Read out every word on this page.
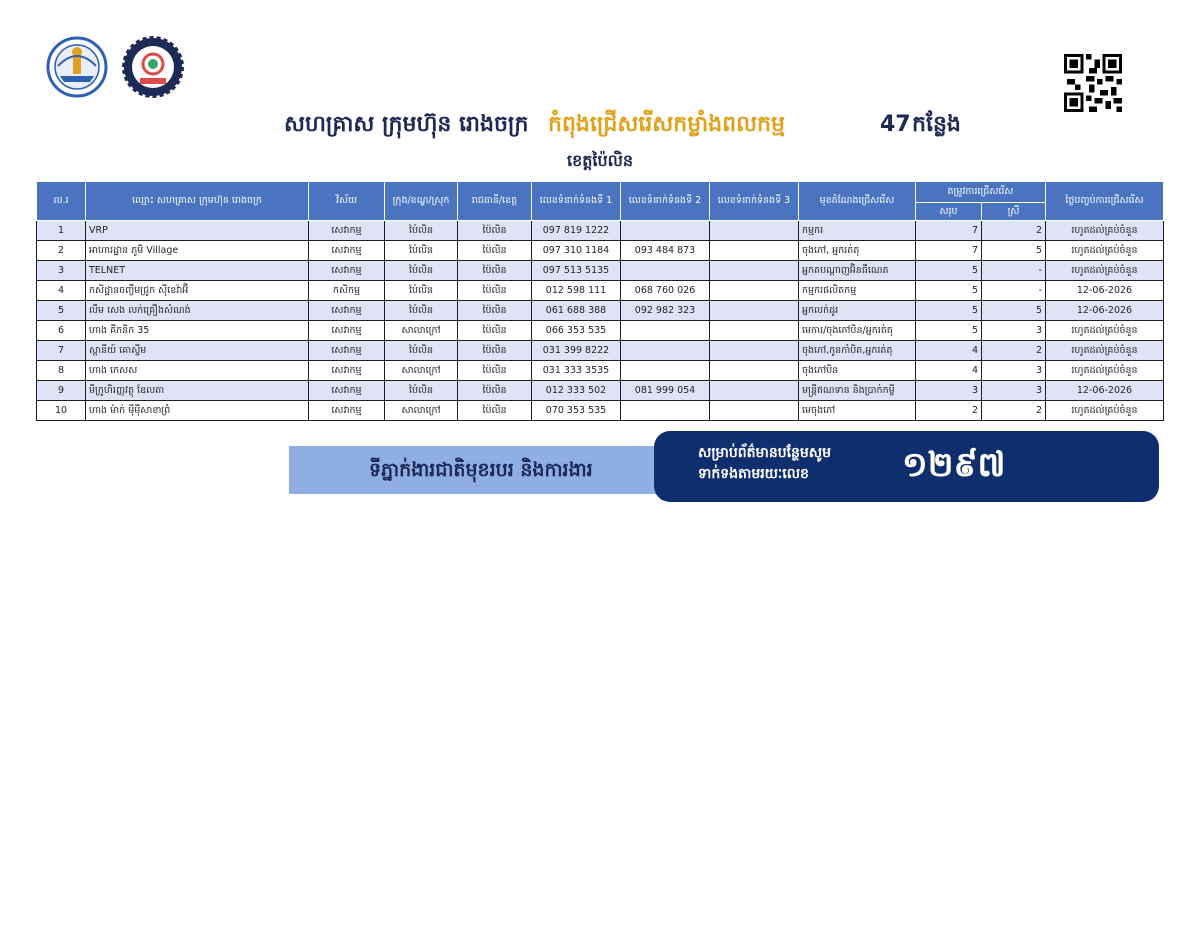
សហគ្រាស ក្រុមហ៊ុន រោងចក្រ កំពុងជ្រើសរើសកម្លាំងពលកម្ម	47 កន្លែង
ខេត្តប៉ៃលិន
ល.រ	ឈ្មោះ សហគ្រាស ក្រុមហ៊ុន រោងចក្រ	វិស័យ	ក្រុង/ខណ្ឌ/ស្រុក	រាជធានី/ខេត្ត	លេខទំនាក់ទំនងទី 1	លេខទំនាក់ទំនងទី 2	លេខទំនាក់ទំនងទី 3	មុខតំណែងជ្រើសរើស	តម្រូវការជ្រើសរើស		ថ្ងៃបញ្ចប់ការជ្រើសរើស
									សរុប	ស្រី	
1	VRP	សេវាកម្ម	ប៉ៃលិន	ប៉ៃលិន	097 819 1222			កម្មករ	7	2	រហូតដល់គ្រប់ចំនួន
2	អាហារដ្ឋាន ភូមិ Village	សេវាកម្ម	ប៉ៃលិន	ប៉ៃលិន	097 310 1184	093 484 873		ចុងភៅ, អ្នករត់តុ	7	5	រហូតដល់គ្រប់ចំនួន
3	TELNET	សេវាកម្ម	ប៉ៃលិន	ប៉ៃលិន	097 513 5135			អ្នកតបណ្តាញអ៊ិនធឺណេត	5	-	រហូតដល់គ្រប់ចំនួន
4	កសិដ្ឋានចញ្ចឹមជ្រូក ស៊ីខេវ៉ាអ៊ី	កសិកម្ម	ប៉ៃលិន	ប៉ៃលិន	012 598 111	068 760 026		កម្មករផលិតកម្ម	5	-	12-06-2026
5	លឹម សេង លក់គ្រឿងសំណង់	សេវាកម្ម	ប៉ៃលិន	ប៉ៃលិន	061 688 388	092 982 323		អ្នកលក់ដូរ	5	5	12-06-2026
6	ហាង គីកនិក 35	សេវាកម្ម	សាលាក្រៅ	ប៉ៃលិន	066 353 535			មេការ/ចុងភៅបិន/អ្នករត់តុ	5	3	រហូតដល់គ្រប់ចំនួន
7	ស្ពានីយ៍ គោស្ទីម	សេវាកម្ម	ប៉ៃលិន	ប៉ៃលិន	031 399 8222			ចុងភៅ,កូនកាំបិត,អ្នករត់តុ	4	2	រហូតដល់គ្រប់ចំនួន
8	ហាង កេសស	សេវាកម្ម	សាលាក្រៅ	ប៉ៃលិន	031 333 3535			ចុងភៅបិន	4	3	រហូតដល់គ្រប់ចំនួន
9	មីក្រូហិរញ្ញវត្ថុ ឧែលតា	សេវាកម្ម	ប៉ៃលិន	ប៉ៃលិន	012 333 502	081 999 054		មន្ត្រីឥណទាន និងប្រាក់កម្ចី	3	3	12-06-2026
10	ហាង ម៉ាក់ មុីមុីសាខាព្រំ	សេវាកម្ម	សាលាក្រៅ	ប៉ៃលិន	070 353 535			មេចុងភៅ	2	2	រហូតដល់គ្រប់ចំនួន
ទីភ្នាក់ងារជាតិមុខរបរ និងការងារ
សម្រាប់ព័ត៌មានបន្ថែមសូម
ទាក់ទងតាមរយៈលេខ	១២៩៧
